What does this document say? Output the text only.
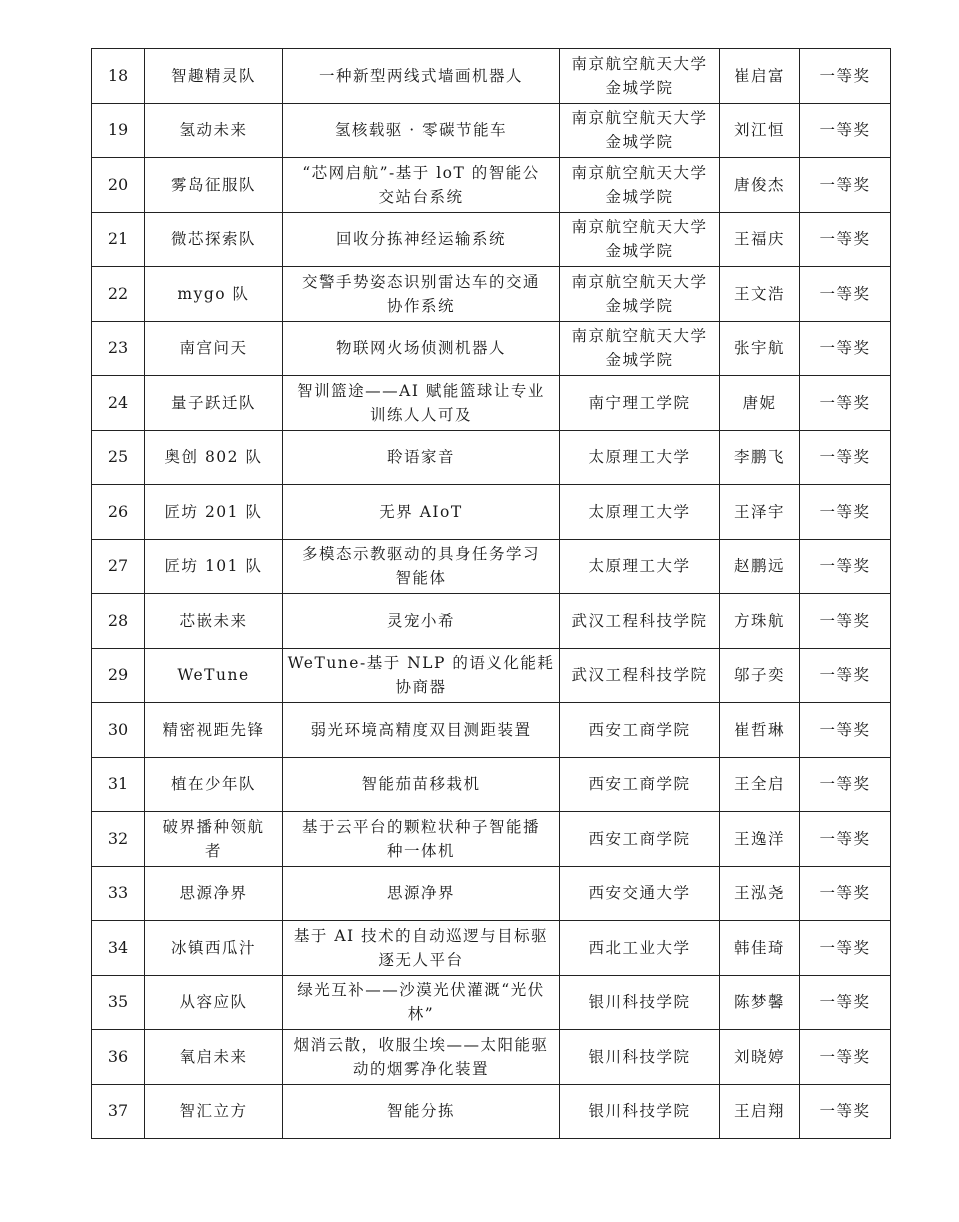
18	智趣精灵队	一种新型两线式墙画机器人	南京航空航天大学
金城学院	崔启富	一等奖
19	氢动未来	氢核载驱 · 零碳节能车	南京航空航天大学
金城学院	刘江恒	一等奖
20	雾岛征服队	“芯网启航”-基于 loT 的智能公
交站台系统	南京航空航天大学
金城学院	唐俊杰	一等奖
21	微芯探索队	回收分拣神经运输系统	南京航空航天大学
金城学院	王福庆	一等奖
22	mygo 队	交警手势姿态识别雷达车的交通
协作系统	南京航空航天大学
金城学院	王文浩	一等奖
23	南宫问天	物联网火场侦测机器人	南京航空航天大学
金城学院	张宇航	一等奖
24	量子跃迁队	智训篮途——AI 赋能篮球让专业
训练人人可及	南宁理工学院	唐妮	一等奖
25	奥创 802 队	聆语家音	太原理工大学	李鹏飞	一等奖
26	匠坊 201 队	无界 AIoT	太原理工大学	王泽宇	一等奖
27	匠坊 101 队	多模态示教驱动的具身任务学习
智能体	太原理工大学	赵鹏远	一等奖
28	芯嵌未来	灵宠小希	武汉工程科技学院	方珠航	一等奖
29	WeTune	WeTune-基于 NLP 的语义化能耗
协商器	武汉工程科技学院	邬子奕	一等奖
30	精密视距先锋	弱光环境高精度双目测距装置	西安工商学院	崔哲琳	一等奖
31	植在少年队	智能茄苗移栽机	西安工商学院	王全启	一等奖
32	破界播种领航
者	基于云平台的颗粒状种子智能播
种一体机	西安工商学院	王逸洋	一等奖
33	思源净界	思源净界	西安交通大学	王泓尧	一等奖
34	冰镇西瓜汁	基于 AI 技术的自动巡逻与目标驱
逐无人平台	西北工业大学	韩佳琦	一等奖
35	从容应队	绿光互补——沙漠光伏灌溉“光伏
林”	银川科技学院	陈梦馨	一等奖
36	氧启未来	烟消云散，收服尘埃——太阳能驱
动的烟雾净化装置	银川科技学院	刘晓婷	一等奖
37	智汇立方	智能分拣	银川科技学院	王启翔	一等奖
